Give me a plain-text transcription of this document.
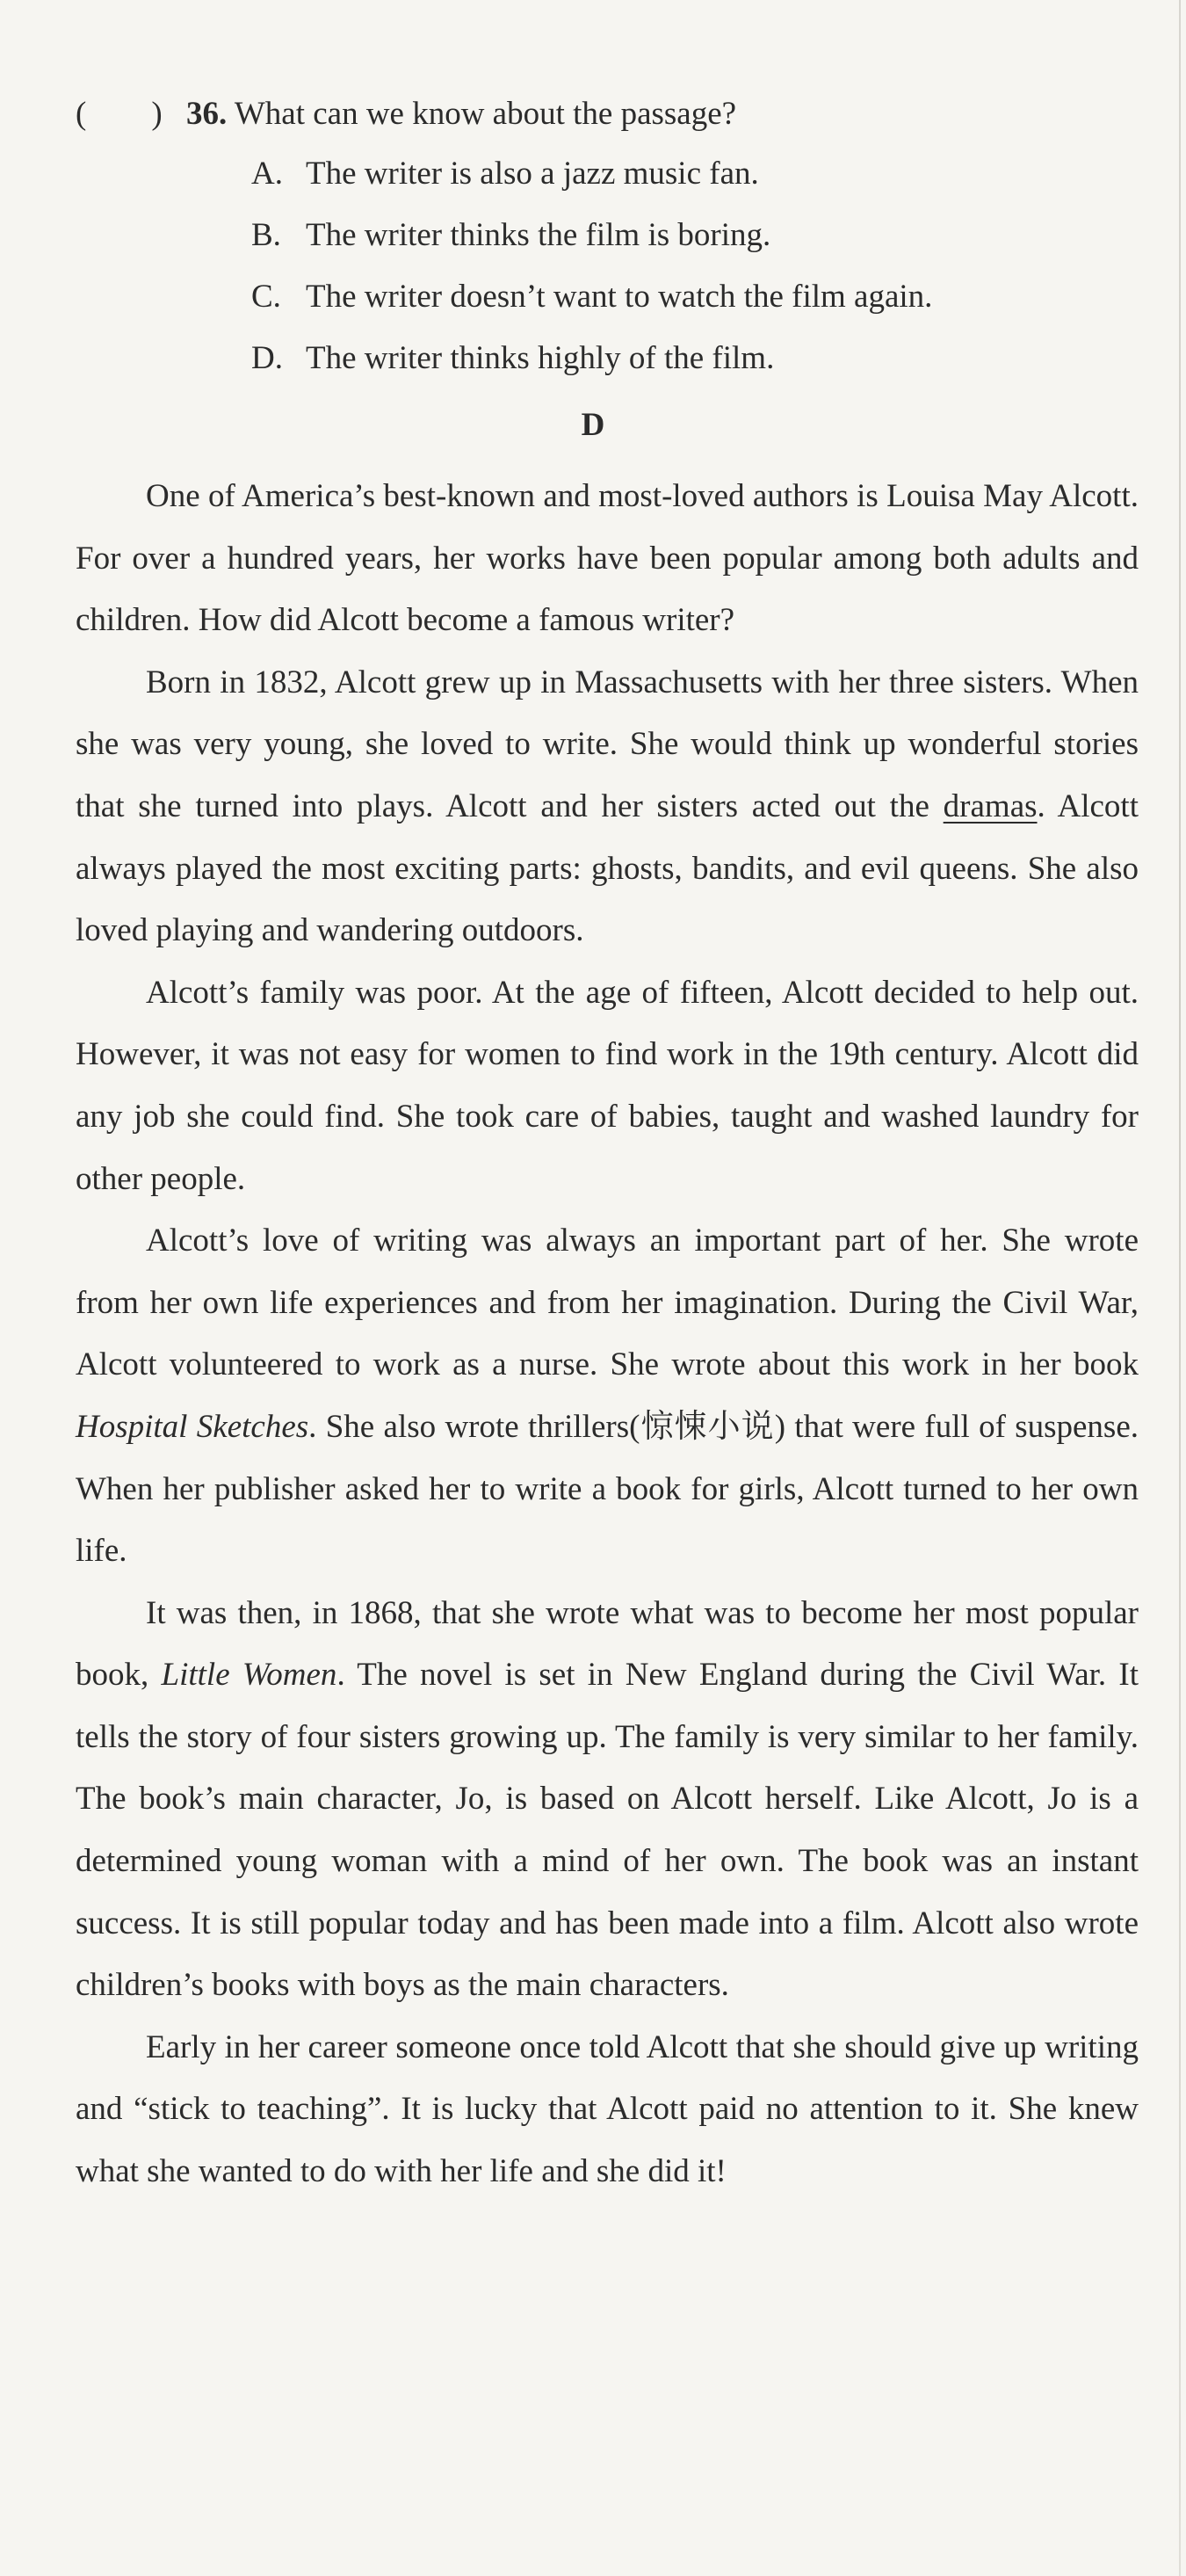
(        ) 36. What can we know about the passage?
A. The writer is also a jazz music fan.
B. The writer thinks the film is boring.
C. The writer doesn’t want to watch the film again.
D. The writer thinks highly of the film.
D

One of America’s best-known and most-loved authors is Louisa May Alcott. For over a hundred years, her works have been popular among both adults and children. How did Alcott become a famous writer?

Born in 1832, Alcott grew up in Massachusetts with her three sisters. When she was very young, she loved to write. She would think up wonderful stories that she turned into plays. Alcott and her sisters acted out the dramas. Alcott always played the most exciting parts: ghosts, bandits, and evil queens. She also loved playing and wandering outdoors.

Alcott’s family was poor. At the age of fifteen, Alcott decided to help out. However, it was not easy for women to find work in the 19th century. Alcott did any job she could find. She took care of babies, taught and washed laundry for other people.

Alcott’s love of writing was always an important part of her. She wrote from her own life experiences and from her imagination. During the Civil War, Alcott volunteered to work as a nurse. She wrote about this work in her book Hospital Sketches. She also wrote thrillers(惊悚小说) that were full of suspense. When her publisher asked her to write a book for girls, Alcott turned to her own life.

It was then, in 1868, that she wrote what was to become her most popular book, Little Women. The novel is set in New England during the Civil War. It tells the story of four sisters growing up. The family is very similar to her family. The book’s main character, Jo, is based on Alcott herself. Like Alcott, Jo is a determined young woman with a mind of her own. The book was an instant success. It is still popular today and has been made into a film. Alcott also wrote children’s books with boys as the main characters.

Early in her career someone once told Alcott that she should give up writing and “stick to teaching”. It is lucky that Alcott paid no attention to it. She knew what she wanted to do with her life and she did it!
